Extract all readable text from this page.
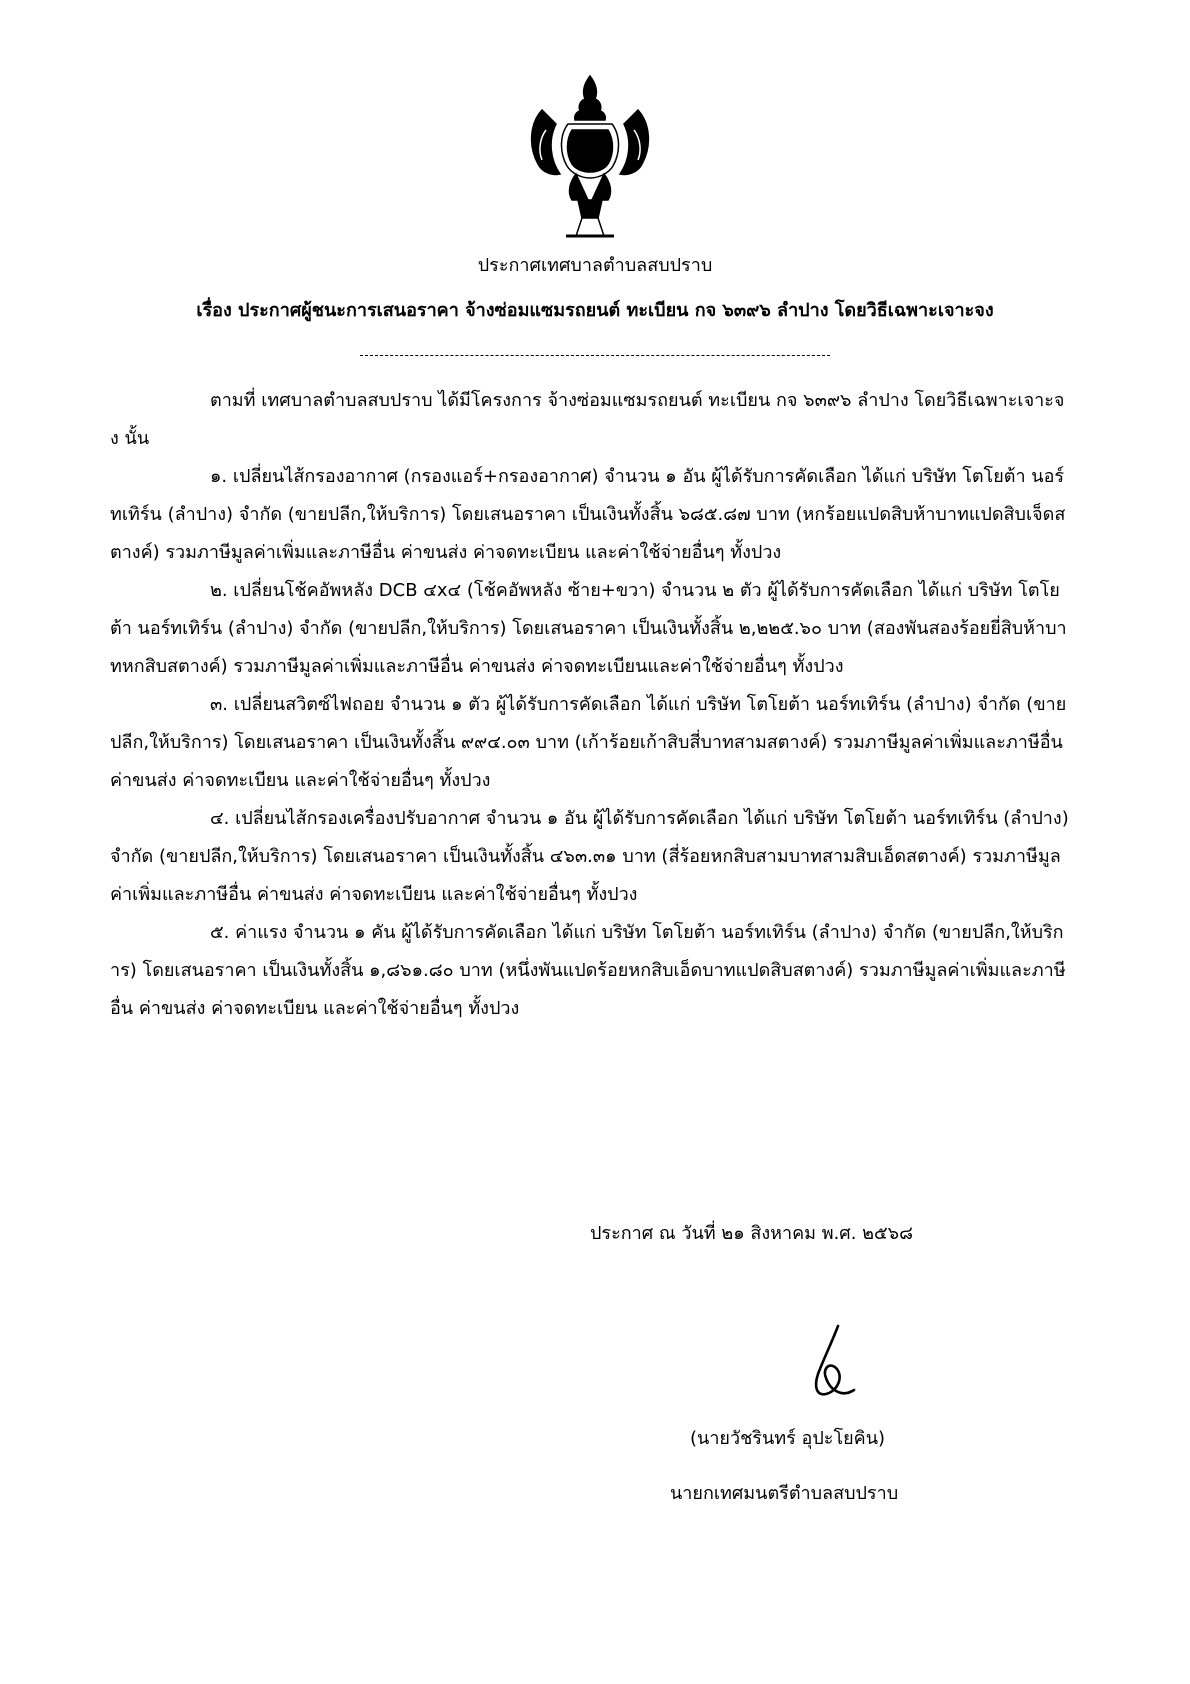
ประกาศเทศบาลตำบลสบปราบ
เรื่อง ประกาศผู้ชนะการเสนอราคา จ้างซ่อมแซมรถยนต์ ทะเบียน กจ ๖๓๙๖ ลำปาง โดยวิธีเฉพาะเจาะจง

ตามที่ เทศบาลตำบลสบปราบ ได้มีโครงการ จ้างซ่อมแซมรถยนต์ ทะเบียน กจ ๖๓๙๖ ลำปาง โดยวิธีเฉพาะเจาะจง นั้น

๑. เปลี่ยนไส้กรองอากาศ (กรองแอร์+กรองอากาศ) จำนวน ๑ อัน ผู้ได้รับการคัดเลือก ได้แก่ บริษัท โตโยต้า นอร์ทเทิร์น (ลำปาง) จำกัด (ขายปลีก,ให้บริการ) โดยเสนอราคา เป็นเงินทั้งสิ้น ๖๘๕.๘๗ บาท (หกร้อยแปดสิบห้าบาทแปดสิบเจ็ดสตางค์) รวมภาษีมูลค่าเพิ่มและภาษีอื่น ค่าขนส่ง ค่าจดทะเบียน และค่าใช้จ่ายอื่นๆ ทั้งปวง

๒. เปลี่ยนโช้คอัพหลัง DCB ๔x๔ (โช้คอัพหลัง ซ้าย+ขวา) จำนวน ๒ ตัว ผู้ได้รับการคัดเลือก ได้แก่ บริษัท โตโยต้า นอร์ทเทิร์น (ลำปาง) จำกัด (ขายปลีก,ให้บริการ) โดยเสนอราคา เป็นเงินทั้งสิ้น ๒,๒๒๕.๖๐ บาท (สองพันสองร้อยยี่สิบห้าบาทหกสิบสตางค์) รวมภาษีมูลค่าเพิ่มและภาษีอื่น ค่าขนส่ง ค่าจดทะเบียนและค่าใช้จ่ายอื่นๆ ทั้งปวง

๓. เปลี่ยนสวิตซ์ไฟถอย จำนวน ๑ ตัว ผู้ได้รับการคัดเลือก ได้แก่ บริษัท โตโยต้า นอร์ทเทิร์น (ลำปาง) จำกัด (ขายปลีก,ให้บริการ) โดยเสนอราคา เป็นเงินทั้งสิ้น ๙๙๔.๐๓ บาท (เก้าร้อยเก้าสิบสี่บาทสามสตางค์) รวมภาษีมูลค่าเพิ่มและภาษีอื่น ค่าขนส่ง ค่าจดทะเบียน และค่าใช้จ่ายอื่นๆ ทั้งปวง

๔. เปลี่ยนไส้กรองเครื่องปรับอากาศ จำนวน ๑ อัน ผู้ได้รับการคัดเลือก ได้แก่ บริษัท โตโยต้า นอร์ทเทิร์น (ลำปาง) จำกัด (ขายปลีก,ให้บริการ) โดยเสนอราคา เป็นเงินทั้งสิ้น ๔๖๓.๓๑ บาท (สี่ร้อยหกสิบสามบาทสามสิบเอ็ดสตางค์) รวมภาษีมูลค่าเพิ่มและภาษีอื่น ค่าขนส่ง ค่าจดทะเบียน และค่าใช้จ่ายอื่นๆ ทั้งปวง

๕. ค่าแรง จำนวน ๑ คัน ผู้ได้รับการคัดเลือก ได้แก่ บริษัท โตโยต้า นอร์ทเทิร์น (ลำปาง) จำกัด (ขายปลีก,ให้บริการ) โดยเสนอราคา เป็นเงินทั้งสิ้น ๑,๘๖๑.๘๐ บาท (หนึ่งพันแปดร้อยหกสิบเอ็ดบาทแปดสิบสตางค์) รวมภาษีมูลค่าเพิ่มและภาษีอื่น ค่าขนส่ง ค่าจดทะเบียน และค่าใช้จ่ายอื่นๆ ทั้งปวง

ประกาศ ณ วันที่ ๒๑ สิงหาคม พ.ศ. ๒๕๖๘
(นายวัชรินทร์ อุปะโยคิน)
นายกเทศมนตรีตำบลสบปราบ
